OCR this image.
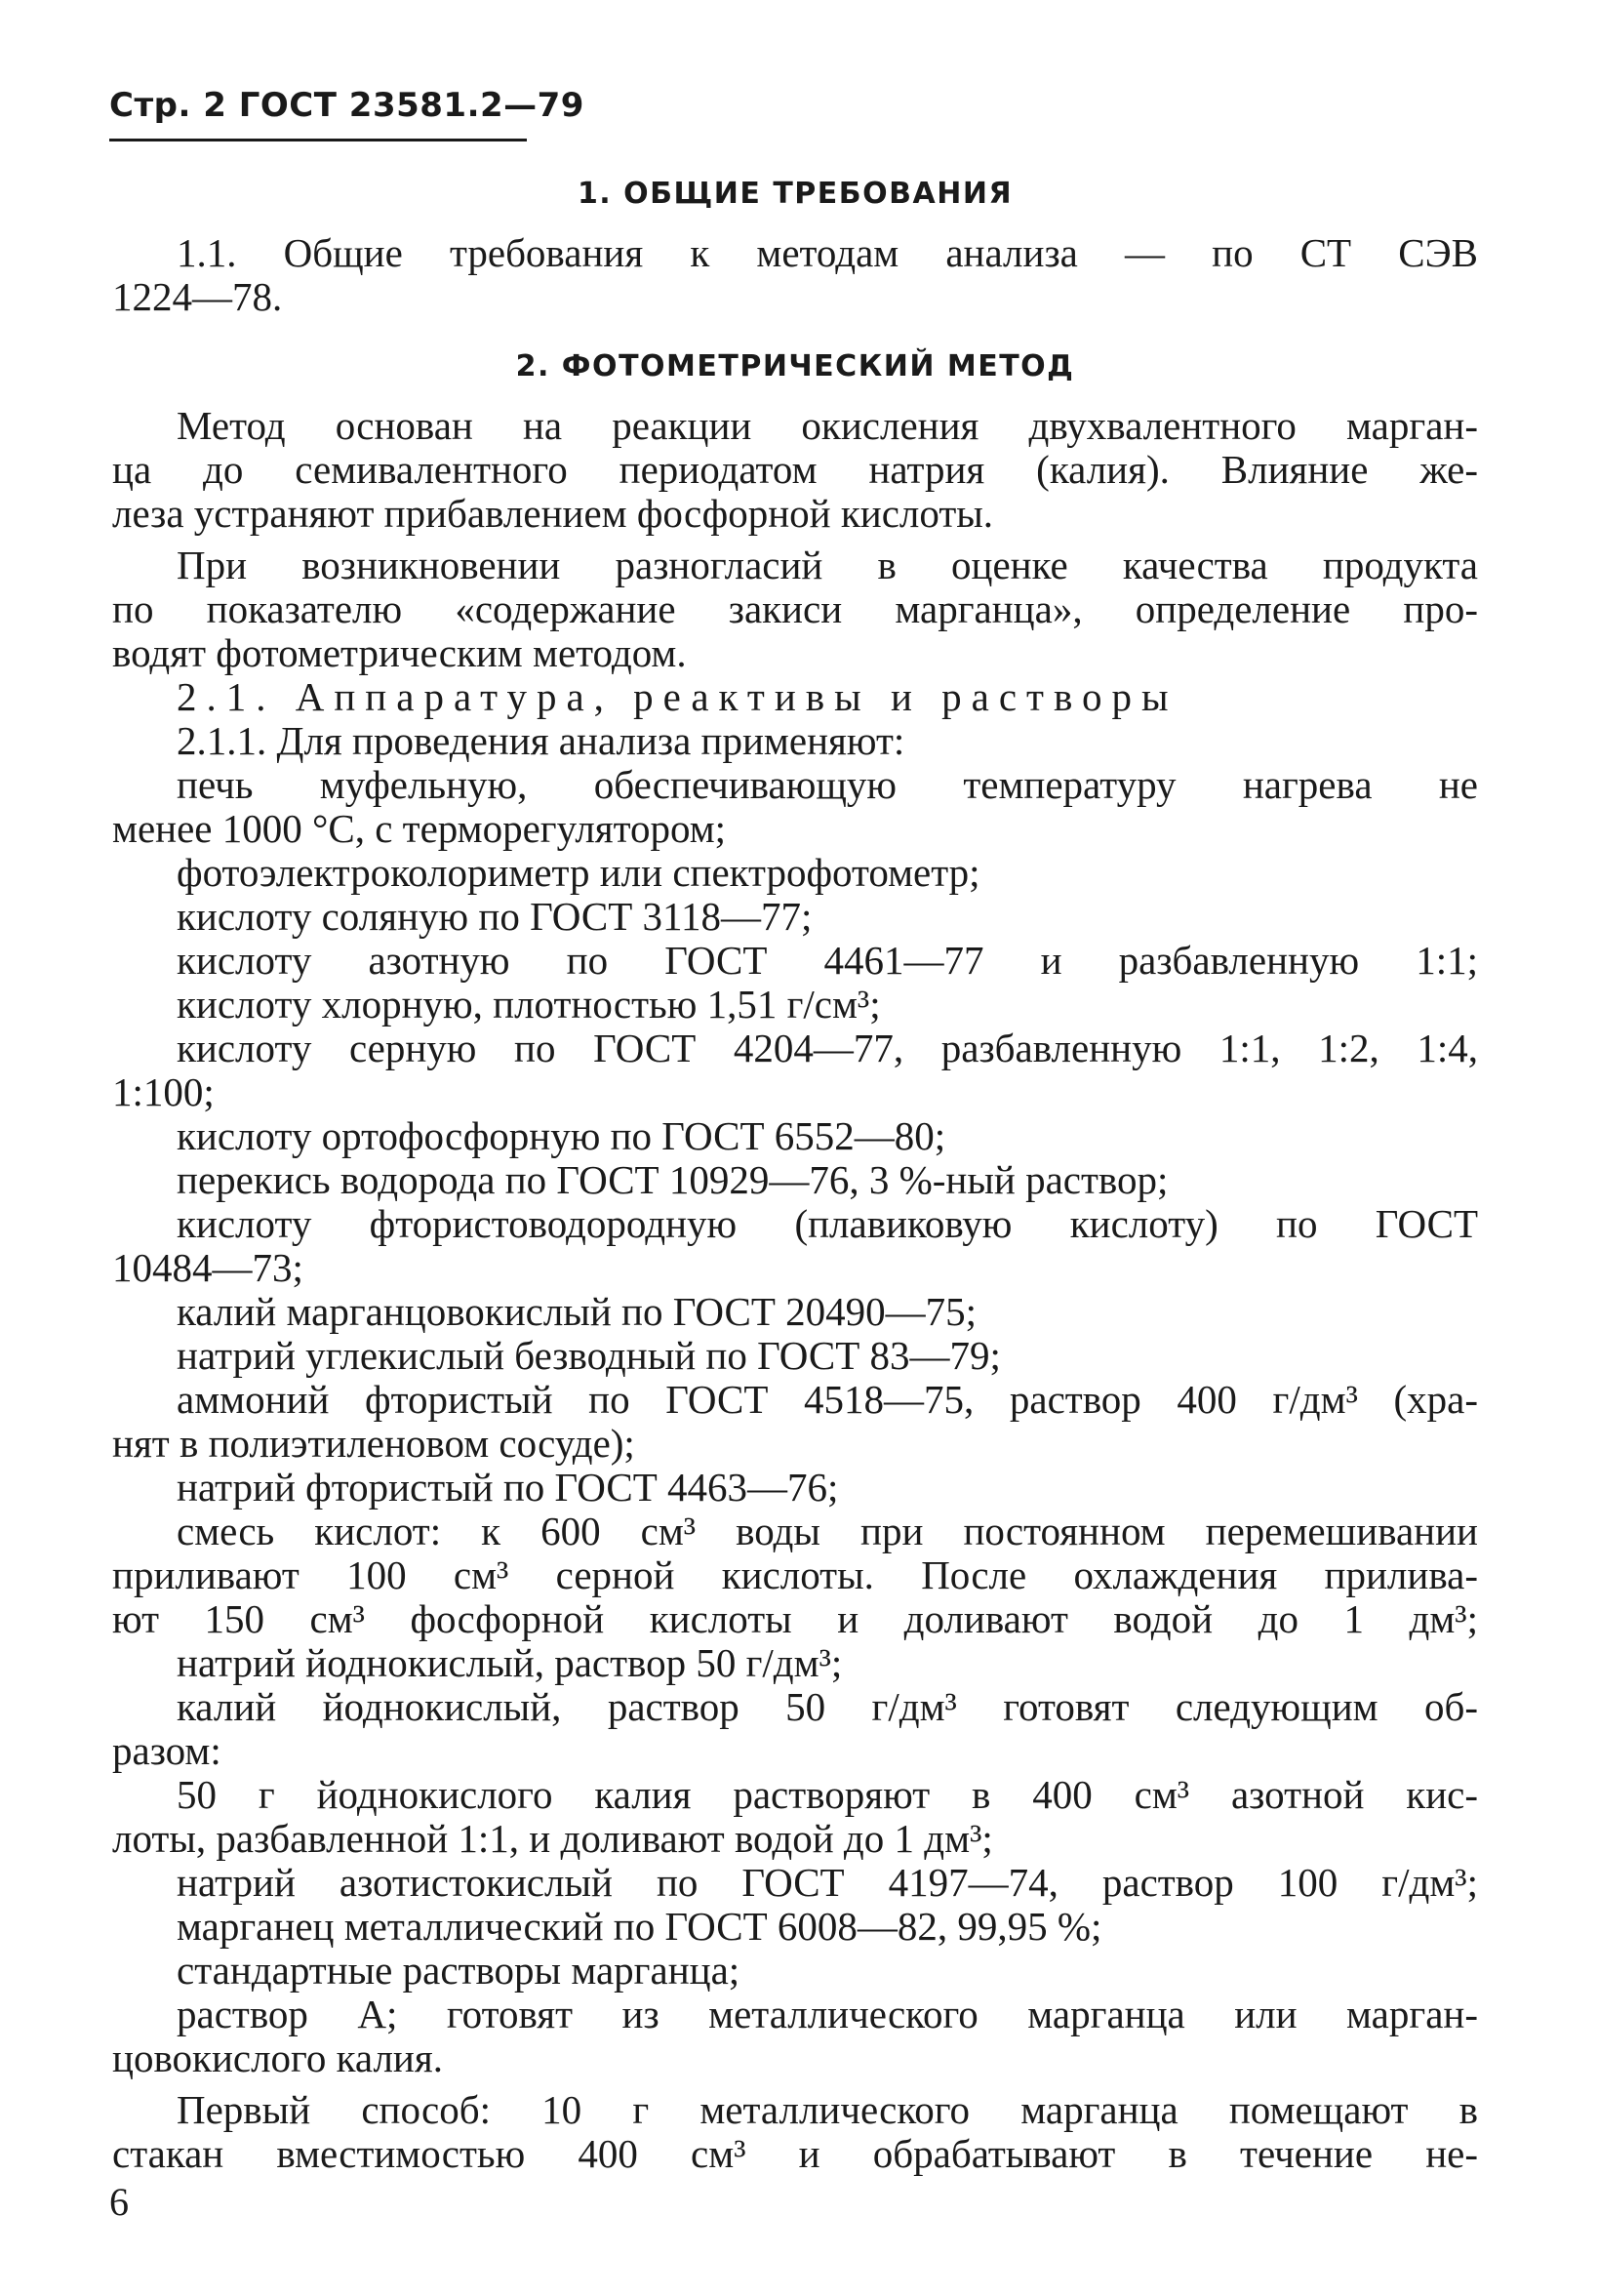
Стр. 2 ГОСТ 23581.2—79
1. ОБЩИЕ ТРЕБОВАНИЯ
1.1. Общие требования к методам анализа — по СТ СЭВ
1224—78.
2. ФОТОМЕТРИЧЕСКИЙ МЕТОД
Метод основан на реакции окисления двухвалентного марган-
ца до семивалентного периодатом натрия (калия). Влияние же-
леза устраняют прибавлением фосфорной кислоты.
При возникновении разногласий в оценке качества продукта
по показателю «содержание закиси марганца», определение про-
водят фотометрическим методом.
2.1. Аппаратура, реактивы и растворы
2.1.1. Для проведения анализа применяют:
печь муфельную, обеспечивающую температуру нагрева не
менее 1000 °С, с терморегулятором;
фотоэлектроколориметр или спектрофотометр;
кислоту соляную по ГОСТ 3118—77;
кислоту азотную по ГОСТ 4461—77 и разбавленную 1:1;
кислоту хлорную, плотностью 1,51 г/см³;
кислоту серную по ГОСТ 4204—77, разбавленную 1:1, 1:2, 1:4,
1:100;
кислоту ортофосфорную по ГОСТ 6552—80;
перекись водорода по ГОСТ 10929—76, 3 %-ный раствор;
кислоту фтористоводородную (плавиковую кислоту) по ГОСТ
10484—73;
калий марганцовокислый по ГОСТ 20490—75;
натрий углекислый безводный по ГОСТ 83—79;
аммоний фтористый по ГОСТ 4518—75, раствор 400 г/дм³ (хра-
нят в полиэтиленовом сосуде);
натрий фтористый по ГОСТ 4463—76;
смесь кислот: к 600 см³ воды при постоянном перемешивании
приливают 100 см³ серной кислоты. После охлаждения прилива-
ют 150 см³ фосфорной кислоты и доливают водой до 1 дм³;
натрий йоднокислый, раствор 50 г/дм³;
калий йоднокислый, раствор 50 г/дм³ готовят следующим об-
разом:
50 г йоднокислого калия растворяют в 400 см³ азотной кис-
лоты, разбавленной 1:1, и доливают водой до 1 дм³;
натрий азотистокислый по ГОСТ 4197—74, раствор 100 г/дм³;
марганец металлический по ГОСТ 6008—82, 99,95 %;
стандартные растворы марганца;
раствор А; готовят из металлического марганца или марган-
цовокислого калия.
Первый способ: 10 г металлического марганца помещают в
стакан вместимостью 400 см³ и обрабатывают в течение не-
6
